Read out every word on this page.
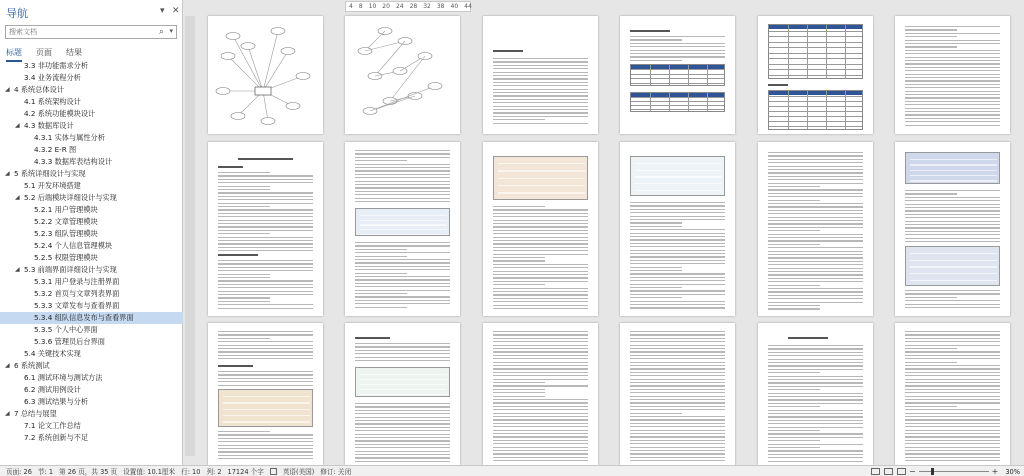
导航	▾ ✕
搜索文档
⌕ ▾
标题 页面 结果
3.3 非功能需求分析
3.4 业务流程分析
◢ 4 系统总体设计
4.1 系统架构设计
4.2 系统功能模块设计
◢ 4.3 数据库设计
4.3.1 实体与属性分析
4.3.2 E-R 图
4.3.3 数据库表结构设计
◢ 5 系统详细设计与实现
5.1 开发环境搭建
◢ 5.2 后端模块详细设计与实现
5.2.1 用户管理模块
5.2.2 文章管理模块
5.2.3 组队管理模块
5.2.4 个人信息管理模块
5.2.5 权限管理模块
◢ 5.3 前端界面详细设计与实现
5.3.1 用户登录与注册界面
5.3.2 首页与文章列表界面
5.3.3 文章发布与查看界面
5.3.4 组队信息发布与查看界面
5.3.5 个人中心界面
5.3.6 管理员后台界面
5.4 关键技术实现
◢ 6 系统测试
6.1 测试环境与测试方法
6.2 测试用例设计
6.3 测试结果与分析
◢ 7 总结与展望
7.1 论文工作总结
7.2 系统创新与不足
4 8 10 20 24 28 32 38 40 44
页面: 26 节: 1 第 26 页，共 35 页 设置值: 10.1厘米 行: 10 列: 2 17124 个字	英语(美国) 修订: 关闭	−	+ 30%
